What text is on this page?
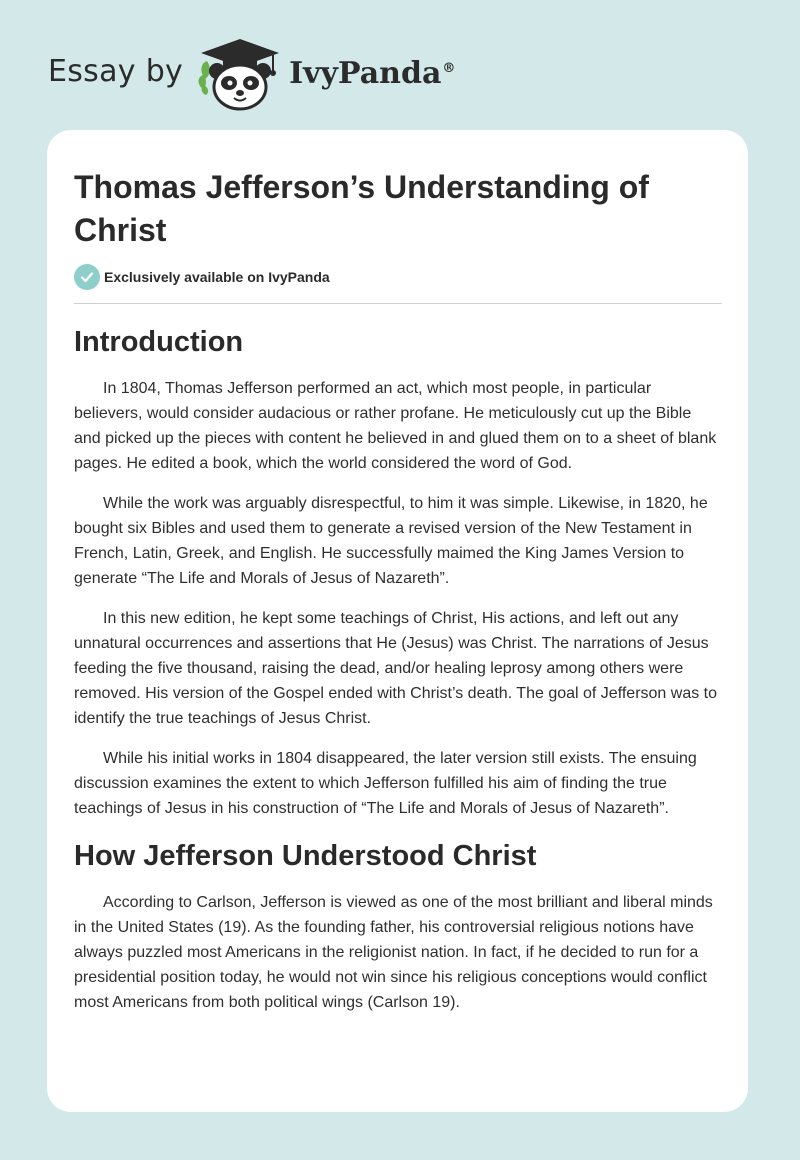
Essay by	IvyPanda®
Thomas Jefferson’s Understanding of Christ
Exclusively available on IvyPanda
Introduction

In 1804, Thomas Jefferson performed an act, which most people, in particular believers, would consider audacious or rather profane. He meticulously cut up the Bible and picked up the pieces with content he believed in and glued them on to a sheet of blank pages. He edited a book, which the world considered the word of God.

While the work was arguably disrespectful, to him it was simple. Likewise, in 1820, he bought six Bibles and used them to generate a revised version of the New Testament in French, Latin, Greek, and English. He successfully maimed the King James Version to generate “The Life and Morals of Jesus of Nazareth”.

In this new edition, he kept some teachings of Christ, His actions, and left out any unnatural occurrences and assertions that He (Jesus) was Christ. The narrations of Jesus feeding the five thousand, raising the dead, and/or healing leprosy among others were removed. His version of the Gospel ended with Christ’s death. The goal of Jefferson was to identify the true teachings of Jesus Christ.

While his initial works in 1804 disappeared, the later version still exists. The ensuing discussion examines the extent to which Jefferson fulfilled his aim of finding the true teachings of Jesus in his construction of “The Life and Morals of Jesus of Nazareth”.

How Jefferson Understood Christ

According to Carlson, Jefferson is viewed as one of the most brilliant and liberal minds in the United States (19). As the founding father, his controversial religious notions have always puzzled most Americans in the religionist nation. In fact, if he decided to run for a presidential position today, he would not win since his religious conceptions would conflict most Americans from both political wings (Carlson 19).
